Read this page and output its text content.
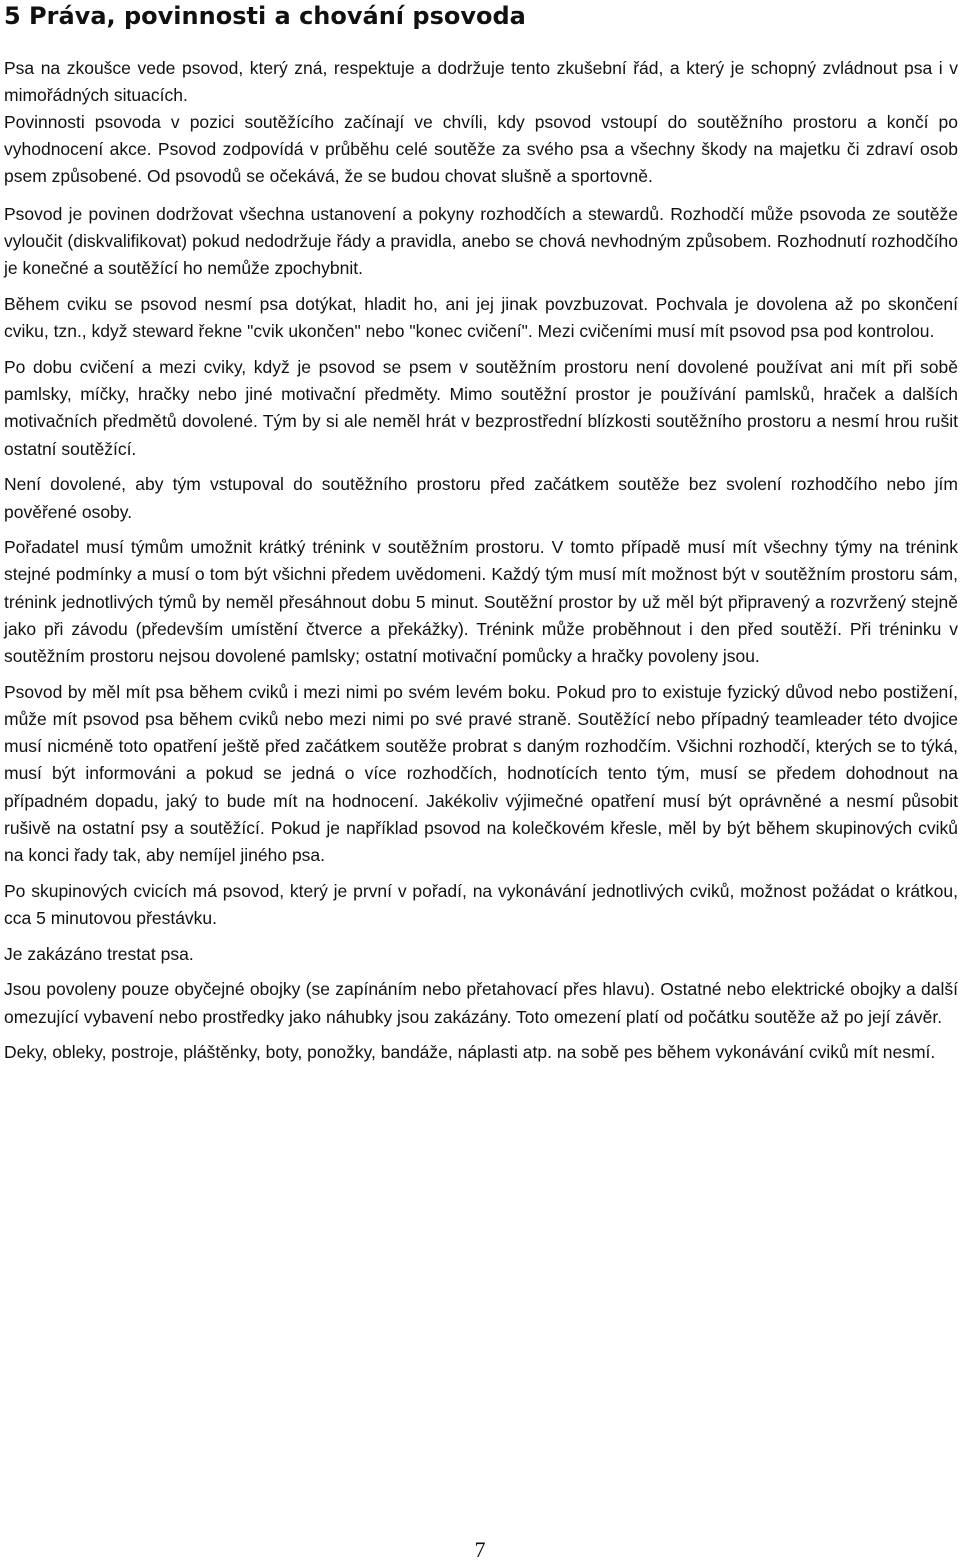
5 Práva, povinnosti a chování psovoda

Psa na zkoušce vede psovod, který zná, respektuje a dodržuje tento zkušební řád, a který je schopný zvládnout psa i v mimořádných situacích.

Povinnosti psovoda v pozici soutěžícího začínají ve chvíli, kdy psovod vstoupí do soutěžního prostoru a končí po vyhodnocení akce. Psovod zodpovídá v průběhu celé soutěže za svého psa a všechny škody na majetku či zdraví osob psem způsobené. Od psovodů se očekává, že se budou chovat slušně a sportovně.

Psovod je povinen dodržovat všechna ustanovení a pokyny rozhodčích a stewardů. Rozhodčí může psovoda ze soutěže vyloučit (diskvalifikovat) pokud nedodržuje řády a pravidla, anebo se chová nevhodným způsobem. Rozhodnutí rozhodčího je konečné a soutěžící ho nemůže zpochybnit.

Během cviku se psovod nesmí psa dotýkat, hladit ho, ani jej jinak povzbuzovat. Pochvala je dovolena až po skončení cviku, tzn., když steward řekne "cvik ukončen" nebo "konec cvičení". Mezi cvičeními musí mít psovod psa pod kontrolou.

Po dobu cvičení a mezi cviky, když je psovod se psem v soutěžním prostoru není dovolené používat ani mít při sobě pamlsky, míčky, hračky nebo jiné motivační předměty. Mimo soutěžní prostor je používání pamlsků, hraček a dalších motivačních předmětů dovolené. Tým by si ale neměl hrát v bezprostřední blízkosti soutěžního prostoru a nesmí hrou rušit ostatní soutěžící.

Není dovolené, aby tým vstupoval do soutěžního prostoru před začátkem soutěže bez svolení rozhodčího nebo jím pověřené osoby.

Pořadatel musí týmům umožnit krátký trénink v soutěžním prostoru. V tomto případě musí mít všechny týmy na trénink stejné podmínky a musí o tom být všichni předem uvědomeni. Každý tým musí mít možnost být v soutěžním prostoru sám, trénink jednotlivých týmů by neměl přesáhnout dobu 5 minut. Soutěžní prostor by už měl být připravený a rozvržený stejně jako při závodu (především umístění čtverce a překážky). Trénink může proběhnout i den před soutěží. Při tréninku v soutěžním prostoru nejsou dovolené pamlsky; ostatní motivační pomůcky a hračky povoleny jsou.

Psovod by měl mít psa během cviků i mezi nimi po svém levém boku. Pokud pro to existuje fyzický důvod nebo postižení, může mít psovod psa během cviků nebo mezi nimi po své pravé straně. Soutěžící nebo případný teamleader této dvojice musí nicméně toto opatření ještě před začátkem soutěže probrat s daným rozhodčím. Všichni rozhodčí, kterých se to týká, musí být informováni a pokud se jedná o více rozhodčích, hodnotících tento tým, musí se předem dohodnout na případném dopadu, jaký to bude mít na hodnocení. Jakékoliv výjimečné opatření musí být oprávněné a nesmí působit rušivě na ostatní psy a soutěžící. Pokud je například psovod na kolečkovém křesle, měl by být během skupinových cviků na konci řady tak, aby nemíjel jiného psa.

Po skupinových cvicích má psovod, který je první v pořadí, na vykonávání jednotlivých cviků, možnost požádat o krátkou, cca 5 minutovou přestávku.

Je zakázáno trestat psa.

Jsou povoleny pouze obyčejné obojky (se zapínáním nebo přetahovací přes hlavu). Ostatné nebo elektrické obojky a další omezující vybavení nebo prostředky jako náhubky jsou zakázány. Toto omezení platí od počátku soutěže až po její závěr.

Deky, obleky, postroje, pláštěnky, boty, ponožky, bandáže, náplasti atp. na sobě pes během vykonávání cviků mít nesmí.

7
